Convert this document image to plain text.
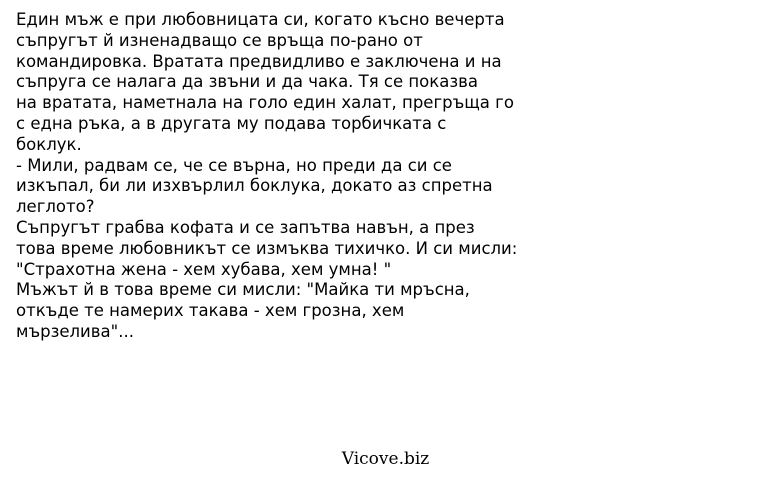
Един мъж е при любовницата си, когато късно вечерта
съпругът й изненадващо се връща по-рано от
командировка. Вратата предвидливо е заключена и на
съпруга се налага да звъни и да чака. Тя се показва
на вратата, наметнала на голо един халат, прегръща го
с една ръка, а в другата му подава торбичката с
боклук.
- Мили, радвам се, че се върна, но преди да си се
изкъпал, би ли изхвърлил боклука, докато аз спретна
леглото?
Съпругът грабва кофата и се запътва навън, а през
това време любовникът се измъква тихичко. И си мисли:
"Страхотна жена - хем хубава, хем умна! "
Мъжът й в това време си мисли: "Майка ти мръсна,
откъде те намерих такава - хем грозна, хем
мързелива"...
Vicove.biz
